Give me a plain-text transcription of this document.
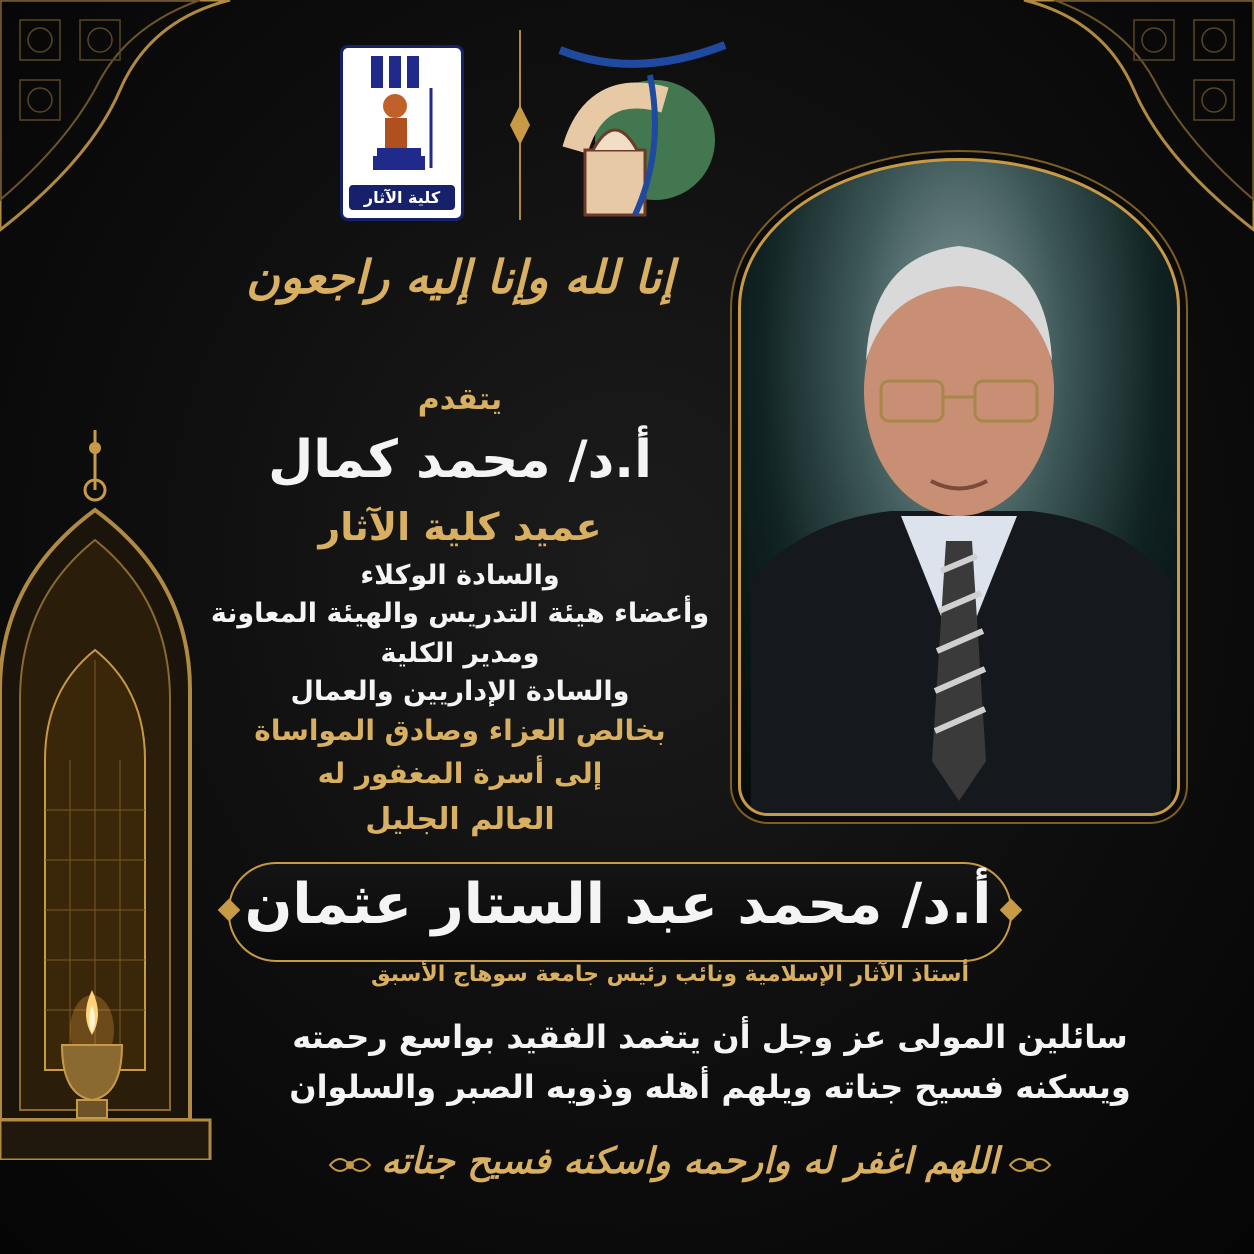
كلية الآثار
إنا لله وإنا إليه راجعون
يتقدم
أ.د/ محمد كمال
عميد كلية الآثار
والسادة الوكلاء
وأعضاء هيئة التدريس والهيئة المعاونة
ومدير الكلية
والسادة الإداريين والعمال
بخالص العزاء وصادق المواساة
إلى أسرة المغفور له
العالم الجليل
أ.د/ محمد عبد الستار عثمان
أستاذ الآثار الإسلامية ونائب رئيس جامعة سوهاج الأسبق
سائلين المولى عز وجل أن يتغمد الفقيد بواسع رحمته
ويسكنه فسيح جناته ويلهم أهله وذويه الصبر والسلوان
اللهم اغفر له وارحمه واسكنه فسيح جناته
